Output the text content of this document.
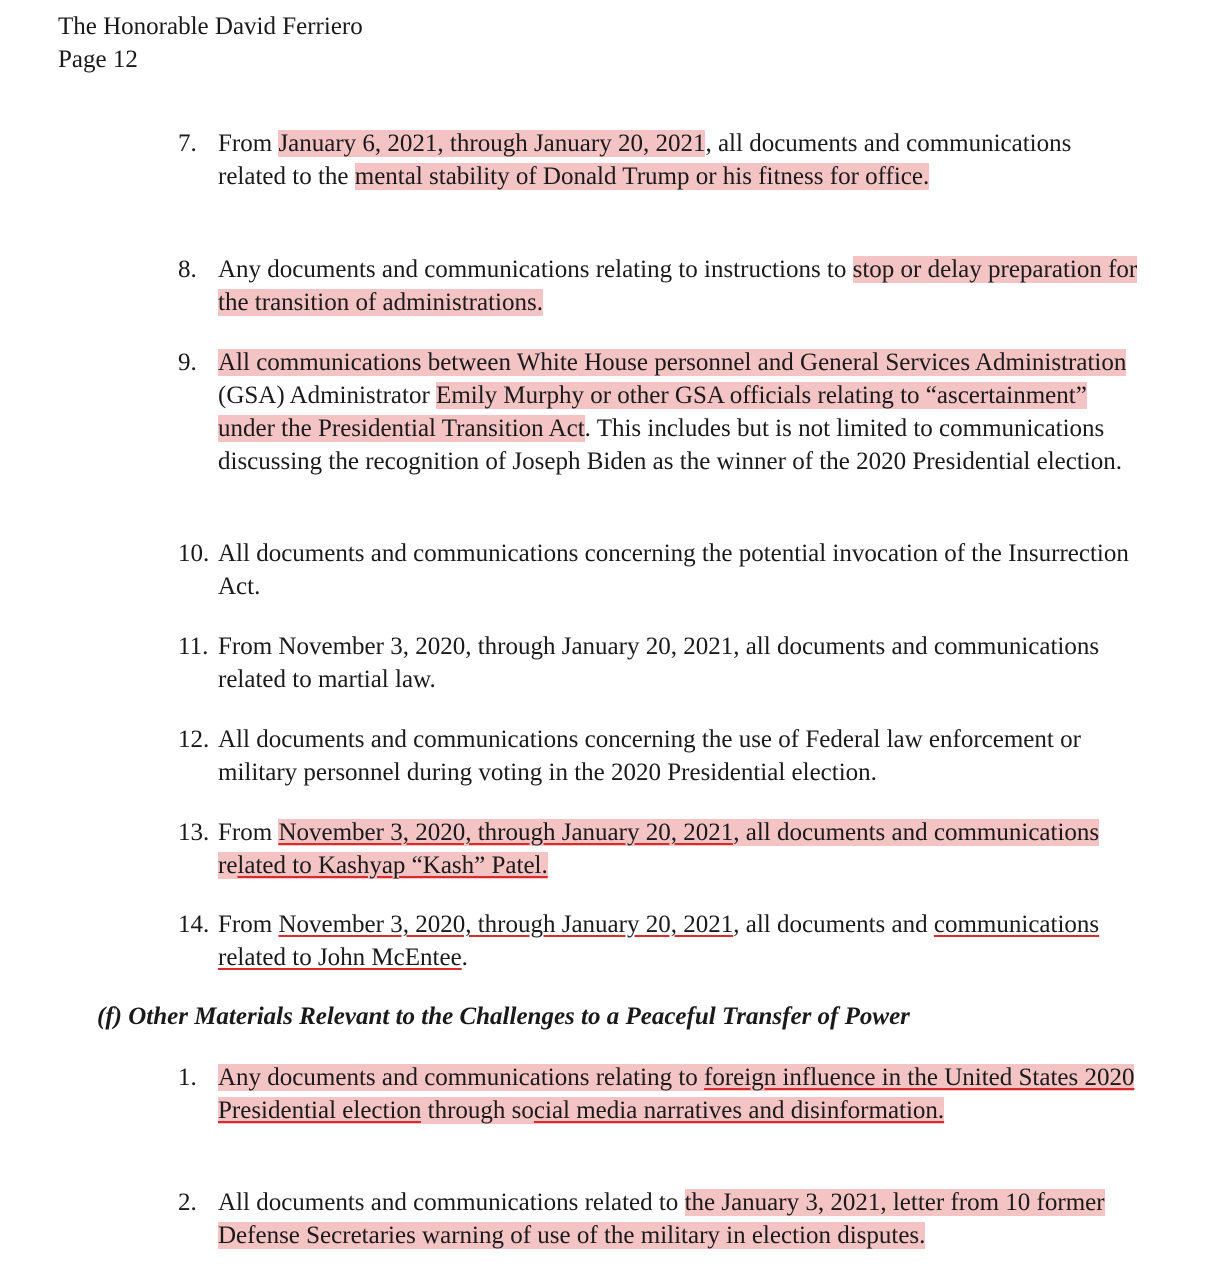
The Honorable David Ferriero
Page 12
7. From January 6, 2021, through January 20, 2021, all documents and communications related to the mental stability of Donald Trump or his fitness for office.
8. Any documents and communications relating to instructions to stop or delay preparation for the transition of administrations.
9. All communications between White House personnel and General Services Administration (GSA) Administrator Emily Murphy or other GSA officials relating to “ascertainment” under the Presidential Transition Act. This includes but is not limited to communications discussing the recognition of Joseph Biden as the winner of the 2020 Presidential election.
10. All documents and communications concerning the potential invocation of the Insurrection Act.
11. From November 3, 2020, through January 20, 2021, all documents and communications related to martial law.
12. All documents and communications concerning the use of Federal law enforcement or military personnel during voting in the 2020 Presidential election.
13. From November 3, 2020, through January 20, 2021, all documents and communications related to Kashyap “Kash” Patel.
14. From November 3, 2020, through January 20, 2021, all documents and communications related to John McEntee.
(f) Other Materials Relevant to the Challenges to a Peaceful Transfer of Power
1. Any documents and communications relating to foreign influence in the United States 2020 Presidential election through social media narratives and disinformation.
2. All documents and communications related to the January 3, 2021, letter from 10 former Defense Secretaries warning of use of the military in election disputes.
